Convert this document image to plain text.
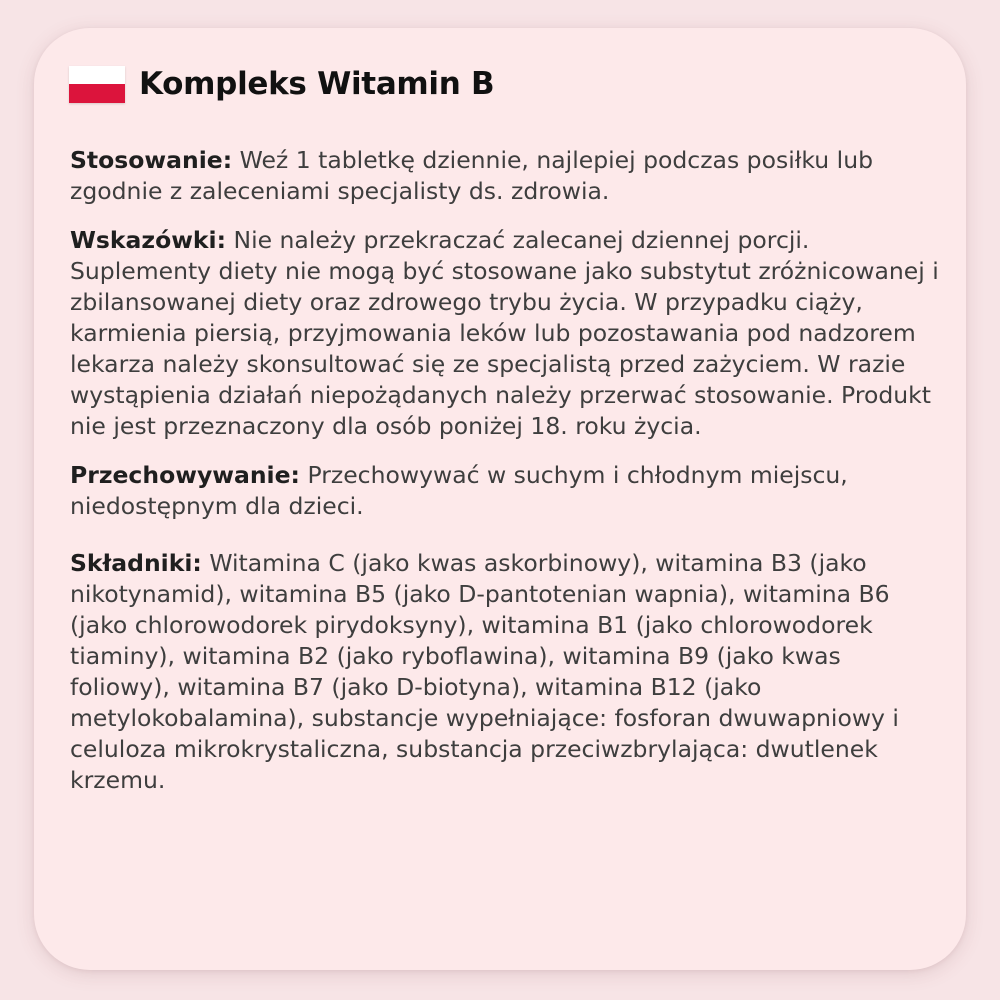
Kompleks Witamin B

Stosowanie: Weź 1 tabletkę dziennie, najlepiej podczas posiłku lub zgodnie z zaleceniami specjalisty ds. zdrowia.

Wskazówki: Nie należy przekraczać zalecanej dziennej porcji. Suplementy diety nie mogą być stosowane jako substytut zróżnicowanej i zbilansowanej diety oraz zdrowego trybu życia. W przypadku ciąży, karmienia piersią, przyjmowania leków lub pozostawania pod nadzorem lekarza należy skonsultować się ze specjalistą przed zażyciem. W razie wystąpienia działań niepożądanych należy przerwać stosowanie. Produkt nie jest przeznaczony dla osób poniżej 18. roku życia.

Przechowywanie: Przechowywać w suchym i chłodnym miejscu, niedostępnym dla dzieci.

Składniki: Witamina C (jako kwas askorbinowy), witamina B3 (jako nikotynamid), witamina B5 (jako D-pantotenian wapnia), witamina B6 (jako chlorowodorek pirydoksyny), witamina B1 (jako chlorowodorek tiaminy), witamina B2 (jako ryboflawina), witamina B9 (jako kwas foliowy), witamina B7 (jako D-biotyna), witamina B12 (jako metylokobalamina), substancje wypełniające: fosforan dwuwapniowy i celuloza mikrokrystaliczna, substancja przeciwzbrylająca: dwutlenek krzemu.
